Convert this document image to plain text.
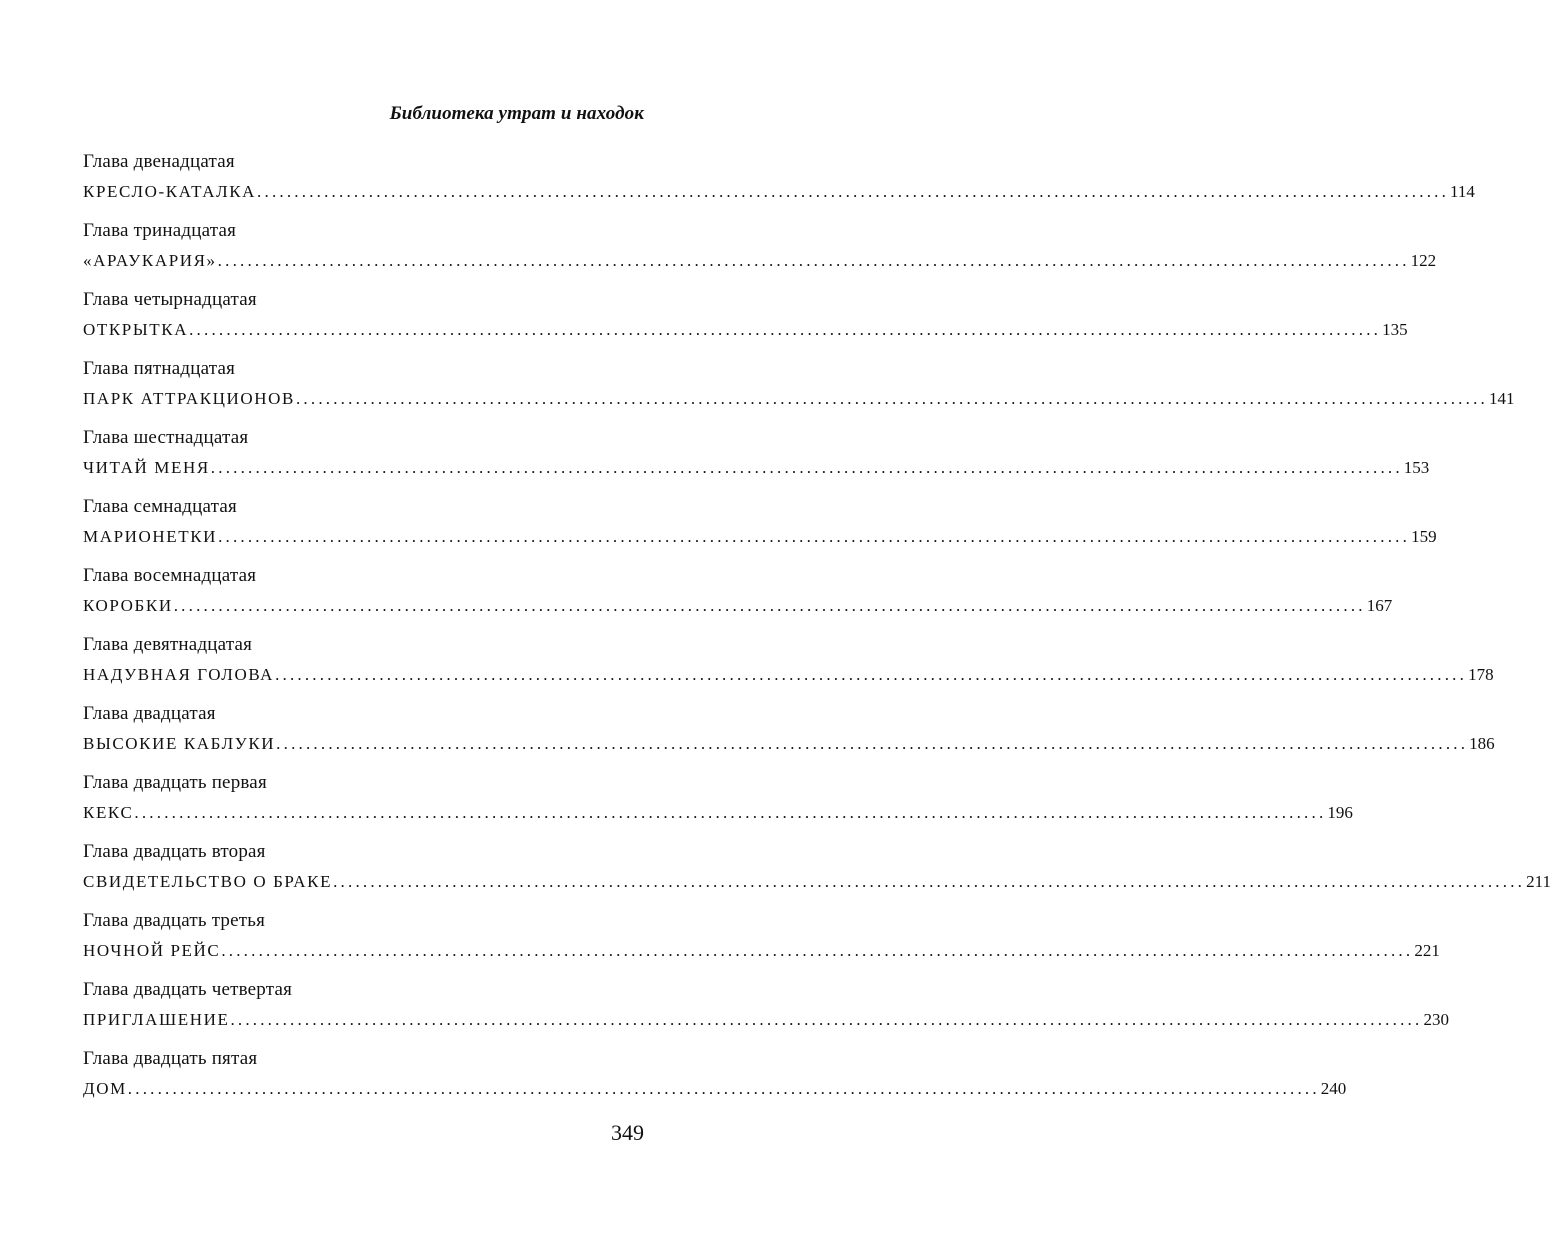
Библиотека утрат и находок
Глава двенадцатая
КРЕСЛО-КАТАЛКА ................................................................................................................................................................ 114
Глава тринадцатая
«АРАУКАРИЯ» ................................................................................................................................................................ 122
Глава четырнадцатая
ОТКРЫТКА ................................................................................................................................................................ 135
Глава пятнадцатая
ПАРК АТТРАКЦИОНОВ ................................................................................................................................................................ 141
Глава шестнадцатая
ЧИТАЙ МЕНЯ ................................................................................................................................................................ 153
Глава семнадцатая
МАРИОНЕТКИ ................................................................................................................................................................ 159
Глава восемнадцатая
КОРОБКИ ................................................................................................................................................................ 167
Глава девятнадцатая
НАДУВНАЯ ГОЛОВА ................................................................................................................................................................ 178
Глава двадцатая
ВЫСОКИЕ КАБЛУКИ ................................................................................................................................................................ 186
Глава двадцать первая
КЕКС ................................................................................................................................................................ 196
Глава двадцать вторая
СВИДЕТЕЛЬСТВО О БРАКЕ ................................................................................................................................................................ 211
Глава двадцать третья
НОЧНОЙ РЕЙС ................................................................................................................................................................ 221
Глава двадцать четвертая
ПРИГЛАШЕНИЕ ................................................................................................................................................................ 230
Глава двадцать пятая
ДОМ ................................................................................................................................................................ 240
349
